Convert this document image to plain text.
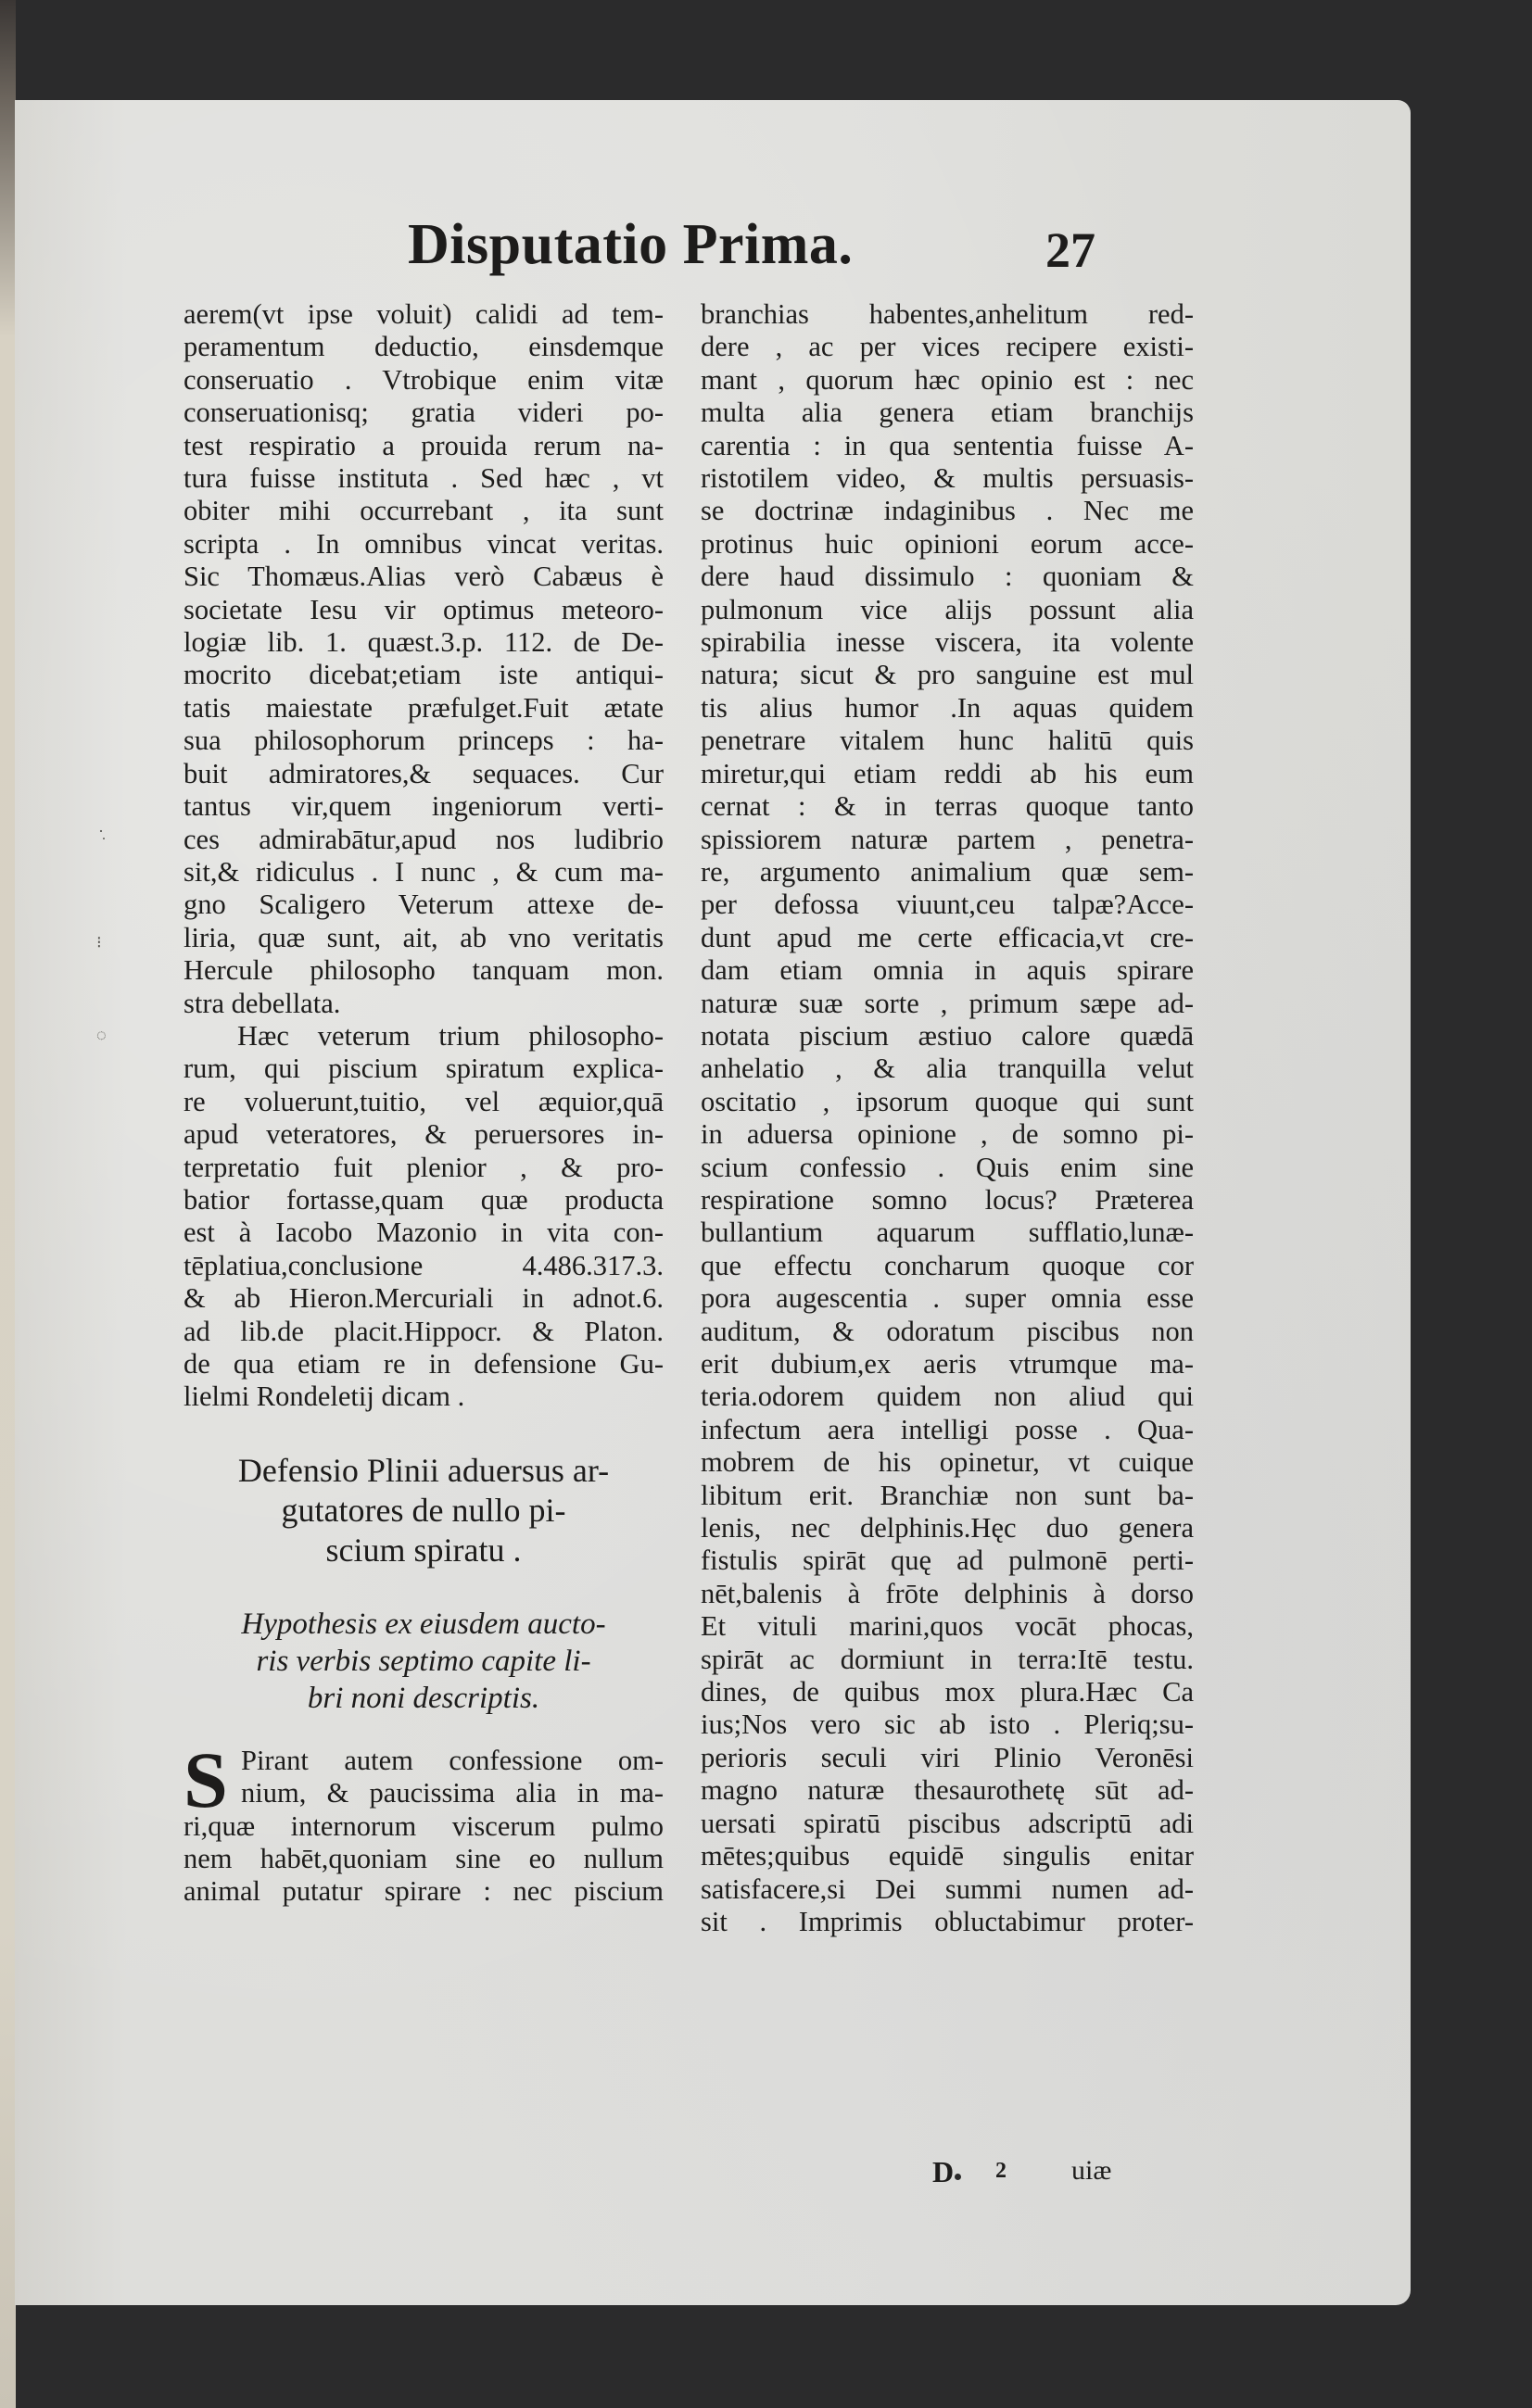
Disputatio Prima.	27
aerem(vt ipse voluit) calidi ad tem-
peramentum deductio, einsdemque
conseruatio . Vtrobique enim vitæ
conseruationisq; gratia videri po-
test respiratio a prouida rerum na-
tura fuisse instituta . Sed hæc , vt
obiter mihi occurrebant , ita sunt
scripta . In omnibus vincat veritas.
Sic Thomæus.Alias verò Cabæus è
societate Iesu vir optimus meteoro-
logiæ lib. 1. quæst.3.p. 112. de De-
mocrito dicebat;etiam iste antiqui-
tatis maiestate præfulget.Fuit ætate
sua philosophorum princeps : ha-
buit admiratores,& sequaces. Cur
tantus vir,quem ingeniorum verti-
ces admirabātur,apud nos ludibrio
sit,& ridiculus . I nunc , & cum ma-
gno Scaligero Veterum attexe de-
liria, quæ sunt, ait, ab vno veritatis
Hercule philosopho tanquam mon.
stra debellata.
Hæc veterum trium philosopho-
rum, qui piscium spiratum explica-
re voluerunt,tuitio, vel æquior,quā
apud veteratores, & peruersores in-
terpretatio fuit plenior , & pro-
batior fortasse,quam quæ producta
est à Iacobo Mazonio in vita con-
tēplatiua,conclusione 4.486.317.3.
& ab Hieron.Mercuriali in adnot.6.
ad lib.de placit.Hippocr. & Platon.
de qua etiam re in defensione Gu-
lielmi Rondeletij dicam .
Defensio Plinii aduersus ar-
gutatores de nullo pi-
scium spiratu .
Hypothesis ex eiusdem aucto-
ris verbis septimo capite li-
bri noni descriptis.
S Pirant autem confessione om-
nium, & paucissima alia in ma-
ri,quæ internorum viscerum pulmo
nem habēt,quoniam sine eo nullum
animal putatur spirare : nec piscium
branchias habentes,anhelitum red-
dere , ac per vices recipere existi-
mant , quorum hæc opinio est : nec
multa alia genera etiam branchijs
carentia : in qua sententia fuisse A-
ristotilem video, & multis persuasis-
se doctrinæ indaginibus . Nec me
protinus huic opinioni eorum acce-
dere haud dissimulo : quoniam &
pulmonum vice alijs possunt alia
spirabilia inesse viscera, ita volente
natura; sicut & pro sanguine est mul
tis alius humor .In aquas quidem
penetrare vitalem hunc halitū quis
miretur,qui etiam reddi ab his eum
cernat : & in terras quoque tanto
spissiorem naturæ partem , penetra-
re, argumento animalium quæ sem-
per defossa viuunt,ceu talpæ?Acce-
dunt apud me certe efficacia,vt cre-
dam etiam omnia in aquis spirare
naturæ suæ sorte , primum sæpe ad-
notata piscium æstiuo calore quædā
anhelatio , & alia tranquilla velut
oscitatio , ipsorum quoque qui sunt
in aduersa opinione , de somno pi-
scium confessio . Quis enim sine
respiratione somno locus? Præterea
bullantium aquarum sufflatio,lunæ-
que effectu concharum quoque cor
pora augescentia . super omnia esse
auditum, & odoratum piscibus non
erit dubium,ex aeris vtrumque ma-
teria.odorem quidem non aliud qui
infectum aera intelligi posse . Qua-
mobrem de his opinetur, vt cuique
libitum erit. Branchiæ non sunt ba-
lenis, nec delphinis.Hęc duo genera
fistulis spirāt quę ad pulmonē perti-
nēt,balenis à frōte delphinis à dorso
Et vituli marini,quos vocāt phocas,
spirāt ac dormiunt in terra:Itē testu.
dines, de quibus mox plura.Hæc Ca
ius;Nos vero sic ab isto . Pleriq;su-
perioris seculi viri Plinio Veronēsi
magno naturæ thesaurothetę sūt ad-
uersati spiratū piscibus adscriptū adi
mētes;quibus equidē singulis enitar
satisfacere,si Dei summi numen ad-
sit . Imprimis obluctabimur proter-
D 2 uiæ
·̣
⁝
◌
